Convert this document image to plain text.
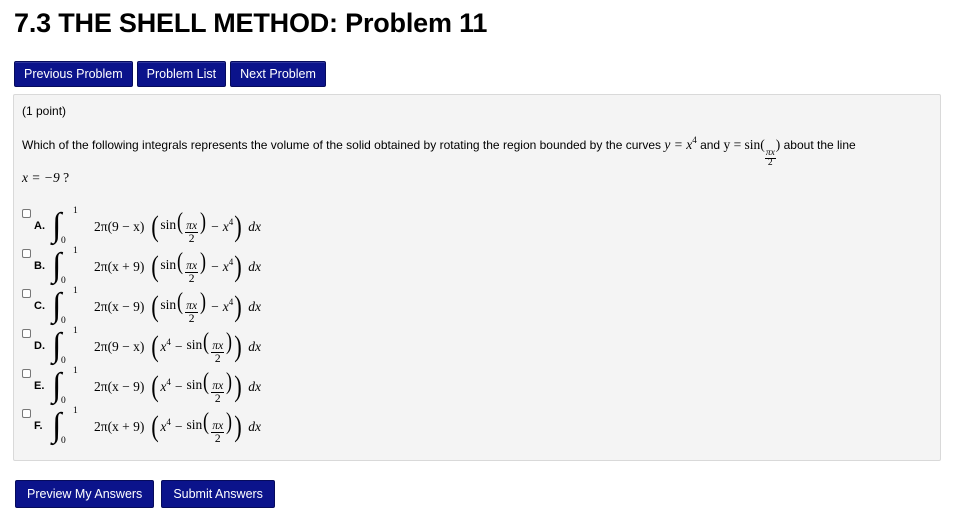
7.3 THE SHELL METHOD: Problem 11
Previous Problem	Problem List	Next Problem
(1 point)
Which of the following integrals represents the volume of the solid obtained by rotating the region bounded by the curves $y = x^4$ and y = sin(
$\frac{\pi x}{2}$
) about the line
x = −9 ?
A. ∫	1
0
2π(9 − x) ( $\sin( \frac{\pi x}{2}$ ) − $x^4$ ) dx
B. ∫	1
0
2π(x + 9) ( $\sin( \frac{\pi x}{2}$ ) − $x^4$ ) dx
C. ∫	1
0
2π(x − 9) ( $\sin( \frac{\pi x}{2}$ ) − $x^4$ ) dx
D. ∫	1
0
2π(9 − x) ( $x^4 - \sin( \frac{\pi x}{2}$ ) ) dx
E. ∫	1
0
2π(x − 9) ( $x^4 - \sin( \frac{\pi x}{2}$ ) ) dx
F. ∫	1
0
2π(x + 9) ( $x^4 - \sin( \frac{\pi x}{2}$ ) ) dx
Preview My Answers	Submit Answers
